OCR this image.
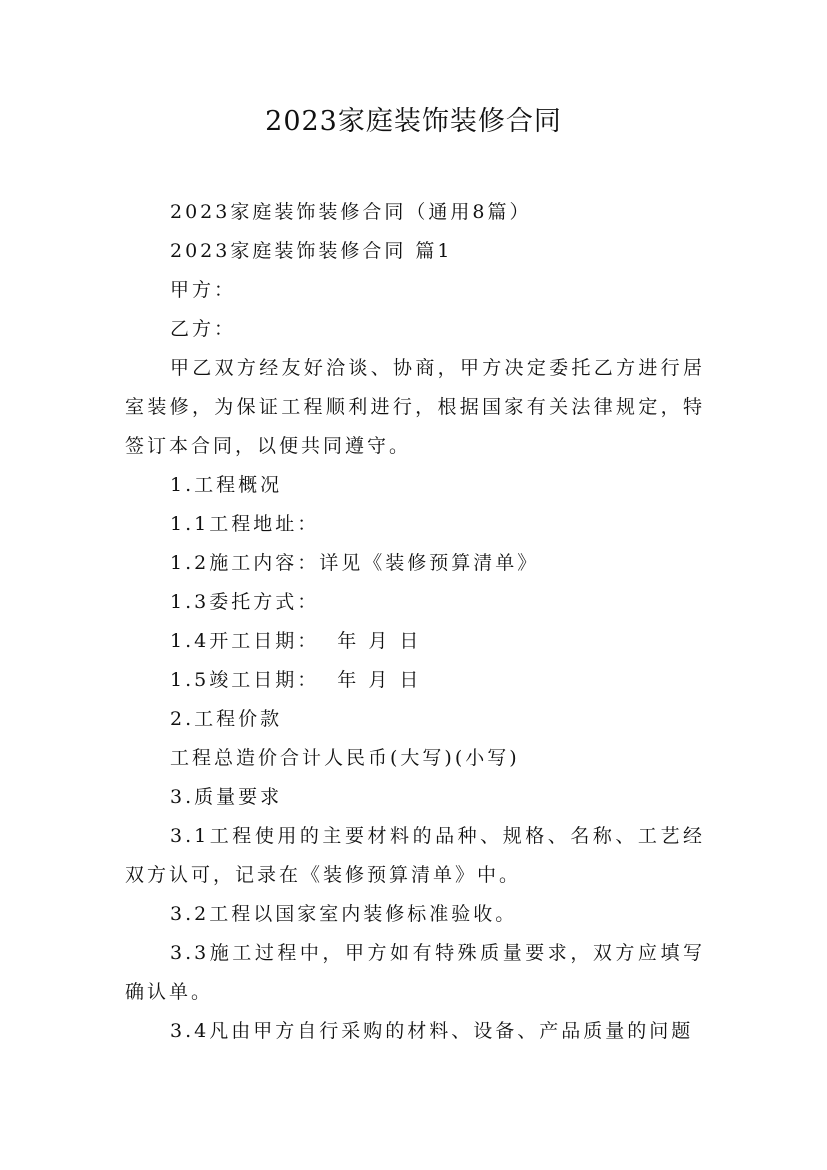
2023家庭装饰装修合同

2023家庭装饰装修合同（通用8篇）

2023家庭装饰装修合同 篇1

甲方：

乙方：

甲乙双方经友好洽谈、协商，甲方决定委托乙方进行居室装修，为保证工程顺利进行，根据国家有关法律规定，特签订本合同，以便共同遵守。

1.工程概况

1.1工程地址：

1.2施工内容：详见《装修预算清单》

1.3委托方式：

1.4开工日期：  年 月 日

1.5竣工日期：  年 月 日

2.工程价款

工程总造价合计人民币(大写)(小写)

3.质量要求

3.1工程使用的主要材料的品种、规格、名称、工艺经双方认可，记录在《装修预算清单》中。

3.2工程以国家室内装修标准验收。

3.3施工过程中，甲方如有特殊质量要求，双方应填写确认单。

3.4凡由甲方自行采购的材料、设备、产品质量的问题
